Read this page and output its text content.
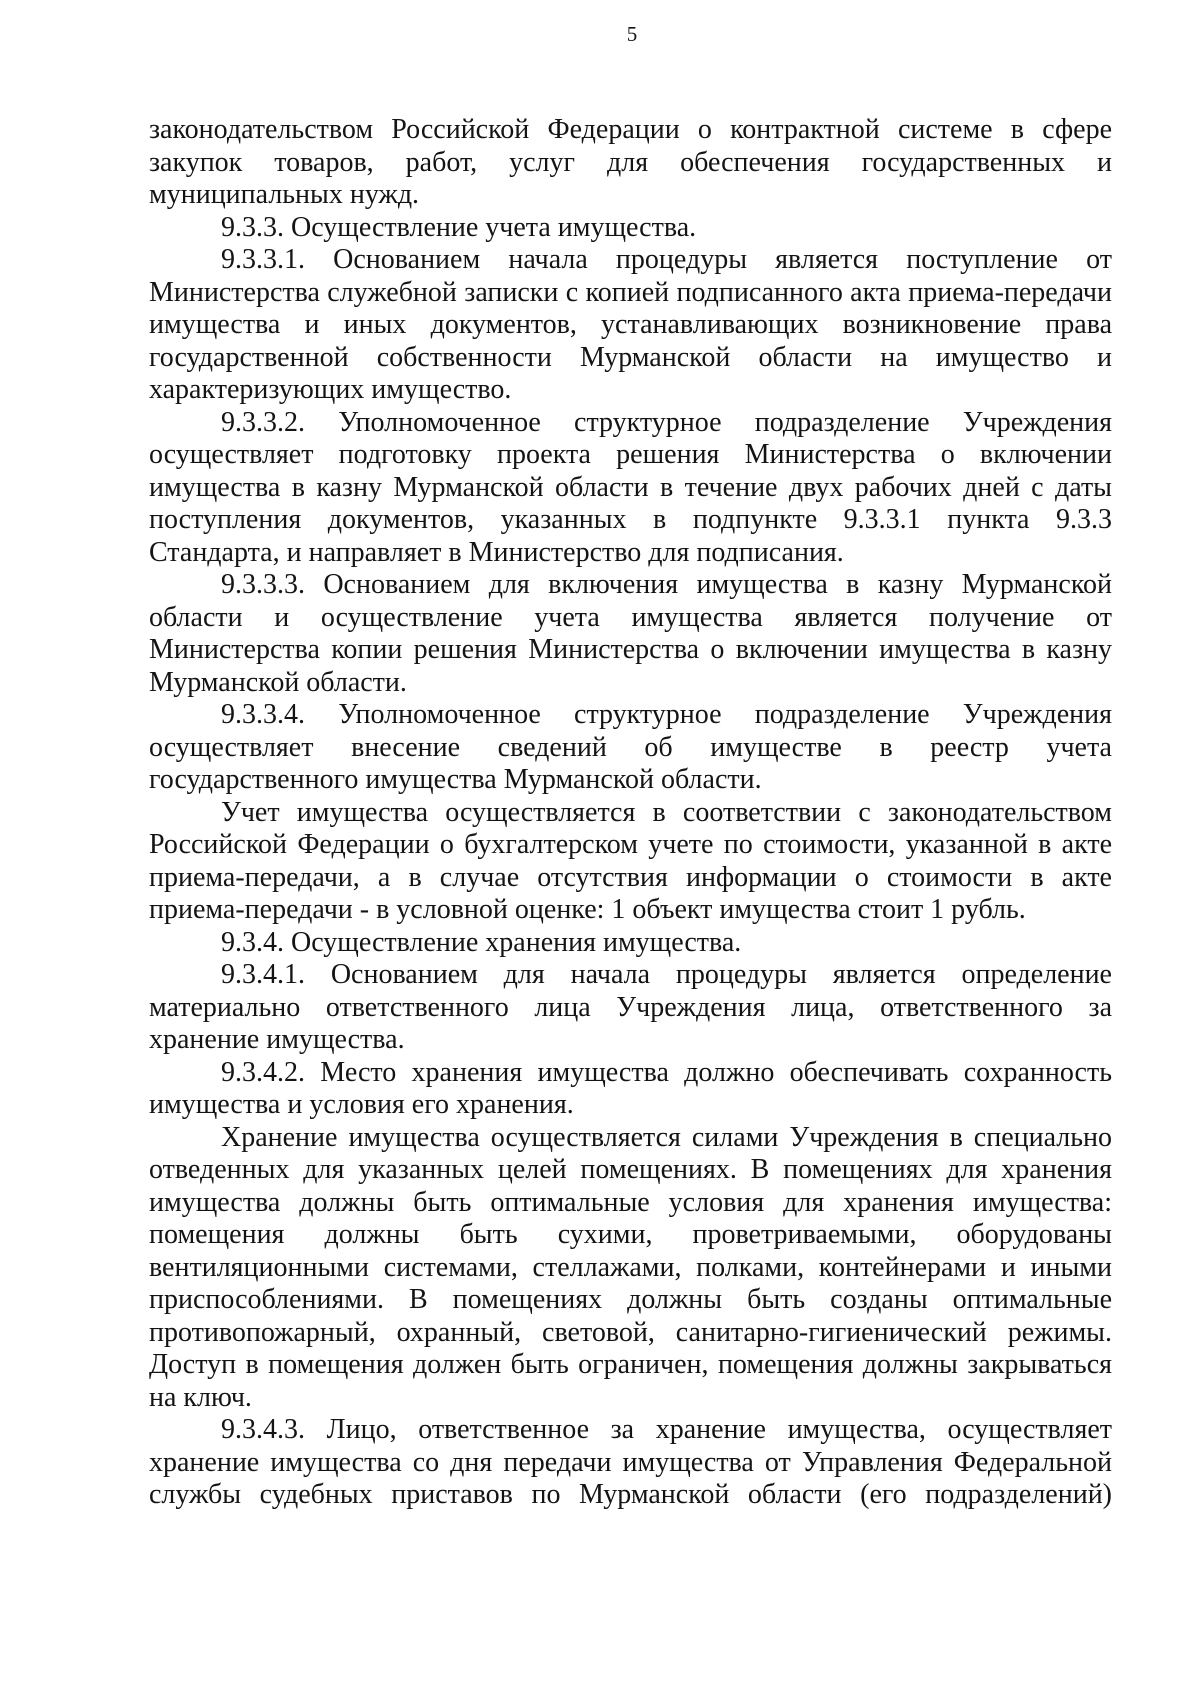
5

законодательством Российской Федерации о контрактной системе в сфере закупок товаров, работ, услуг для обеспечения государственных и муниципальных нужд.

9.3.3. Осуществление учета имущества.

9.3.3.1. Основанием начала процедуры является поступление от Министерства служебной записки с копией подписанного акта приема-передачи имущества и иных документов, устанавливающих возникновение права государственной собственности Мурманской области на имущество и характеризующих имущество.

9.3.3.2. Уполномоченное структурное подразделение Учреждения осуществляет подготовку проекта решения Министерства о включении имущества в казну Мурманской области в течение двух рабочих дней с даты поступления документов, указанных в подпункте 9.3.3.1 пункта 9.3.3 Стандарта, и направляет в Министерство для подписания.

9.3.3.3. Основанием для включения имущества в казну Мурманской области и осуществление учета имущества является получение от Министерства копии решения Министерства о включении имущества в казну Мурманской области.

9.3.3.4. Уполномоченное структурное подразделение Учреждения осуществляет внесение сведений об имуществе в реестр учета государственного имущества Мурманской области.

Учет имущества осуществляется в соответствии с законодательством Российской Федерации о бухгалтерском учете по стоимости, указанной в акте приема-передачи, а в случае отсутствия информации о стоимости в акте приема-передачи - в условной оценке: 1 объект имущества стоит 1 рубль.

9.3.4. Осуществление хранения имущества.

9.3.4.1. Основанием для начала процедуры является определение материально ответственного лица Учреждения лица, ответственного за хранение имущества.

9.3.4.2. Место хранения имущества должно обеспечивать сохранность имущества и условия его хранения.

Хранение имущества осуществляется силами Учреждения в специально отведенных для указанных целей помещениях. В помещениях для хранения имущества должны быть оптимальные условия для хранения имущества: помещения должны быть сухими, проветриваемыми, оборудованы вентиляционными системами, стеллажами, полками, контейнерами и иными приспособлениями. В помещениях должны быть созданы оптимальные противопожарный, охранный, световой, санитарно-гигиенический режимы. Доступ в помещения должен быть ограничен, помещения должны закрываться на ключ.

9.3.4.3. Лицо, ответственное за хранение имущества, осуществляет хранение имущества со дня передачи имущества от Управления Федеральной службы судебных приставов по Мурманской области (его подразделений)
